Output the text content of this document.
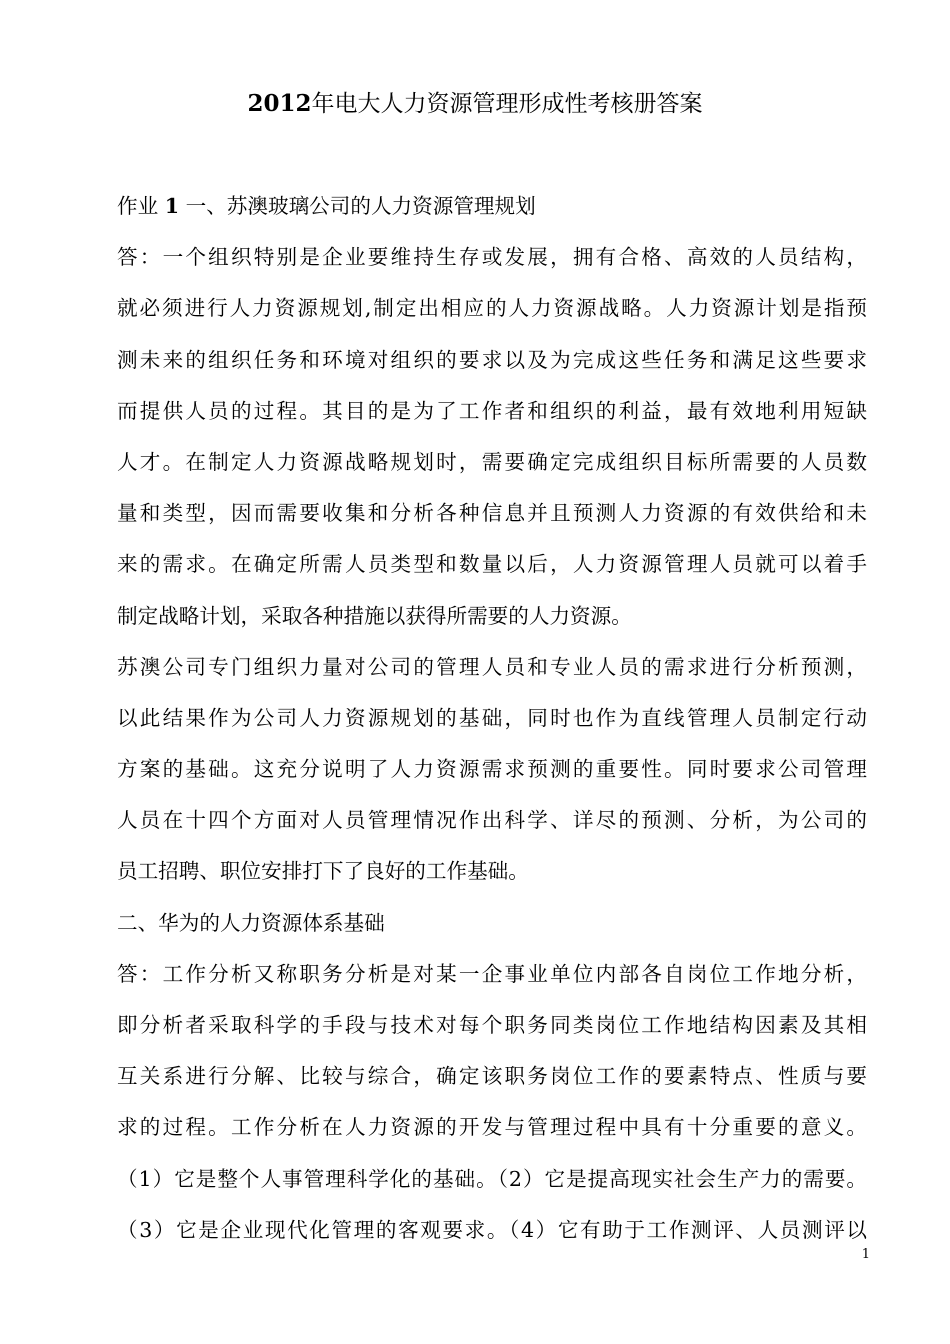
2012年电大人力资源管理形成性考核册答案
作业 1 一、苏澳玻璃公司的人力资源管理规划
答：一个组织特别是企业要维持生存或发展，拥有合格、高效的人员结构，
就必须进行人力资源规划,制定出相应的人力资源战略。人力资源计划是指预
测未来的组织任务和环境对组织的要求以及为完成这些任务和满足这些要求
而提供人员的过程。其目的是为了工作者和组织的利益，最有效地利用短缺
人才。在制定人力资源战略规划时，需要确定完成组织目标所需要的人员数
量和类型，因而需要收集和分析各种信息并且预测人力资源的有效供给和未
来的需求。在确定所需人员类型和数量以后，人力资源管理人员就可以着手
制定战略计划，采取各种措施以获得所需要的人力资源。
苏澳公司专门组织力量对公司的管理人员和专业人员的需求进行分析预测，
以此结果作为公司人力资源规划的基础，同时也作为直线管理人员制定行动
方案的基础。这充分说明了人力资源需求预测的重要性。同时要求公司管理
人员在十四个方面对人员管理情况作出科学、详尽的预测、分析，为公司的
员工招聘、职位安排打下了良好的工作基础。
二、华为的人力资源体系基础
答：工作分析又称职务分析是对某一企事业单位内部各自岗位工作地分析，
即分析者采取科学的手段与技术对每个职务同类岗位工作地结构因素及其相
互关系进行分解、比较与综合，确定该职务岗位工作的要素特点、性质与要
求的过程。工作分析在人力资源的开发与管理过程中具有十分重要的意义。
（1）它是整个人事管理科学化的基础。（2）它是提高现实社会生产力的需要。
（3）它是企业现代化管理的客观要求。（4）它有助于工作测评、人员测评以
1
